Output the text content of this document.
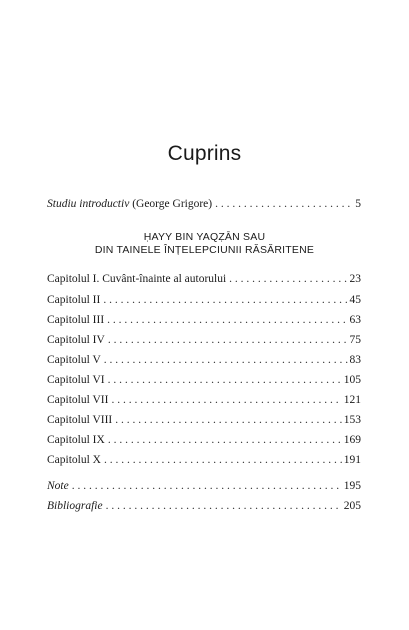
Cuprins
Studiu introductiv (George Grigore) . . .	5
ḤAYY BIN YAQẒĀN SAU
DIN TAINELE ÎNȚELEPCIUNII RĂSĂRITENE
Capitolul I. Cuvânt-înainte al autorului . . .	23
Capitolul II . . .	45
Capitolul III . . .	63
Capitolul IV . . .	75
Capitolul V . . .	83
Capitolul VI . . .	105
Capitolul VII . . .	121
Capitolul VIII . . .	153
Capitolul IX . . .	169
Capitolul X . . .	191
Note . . .	195
Bibliografie . . .	205
